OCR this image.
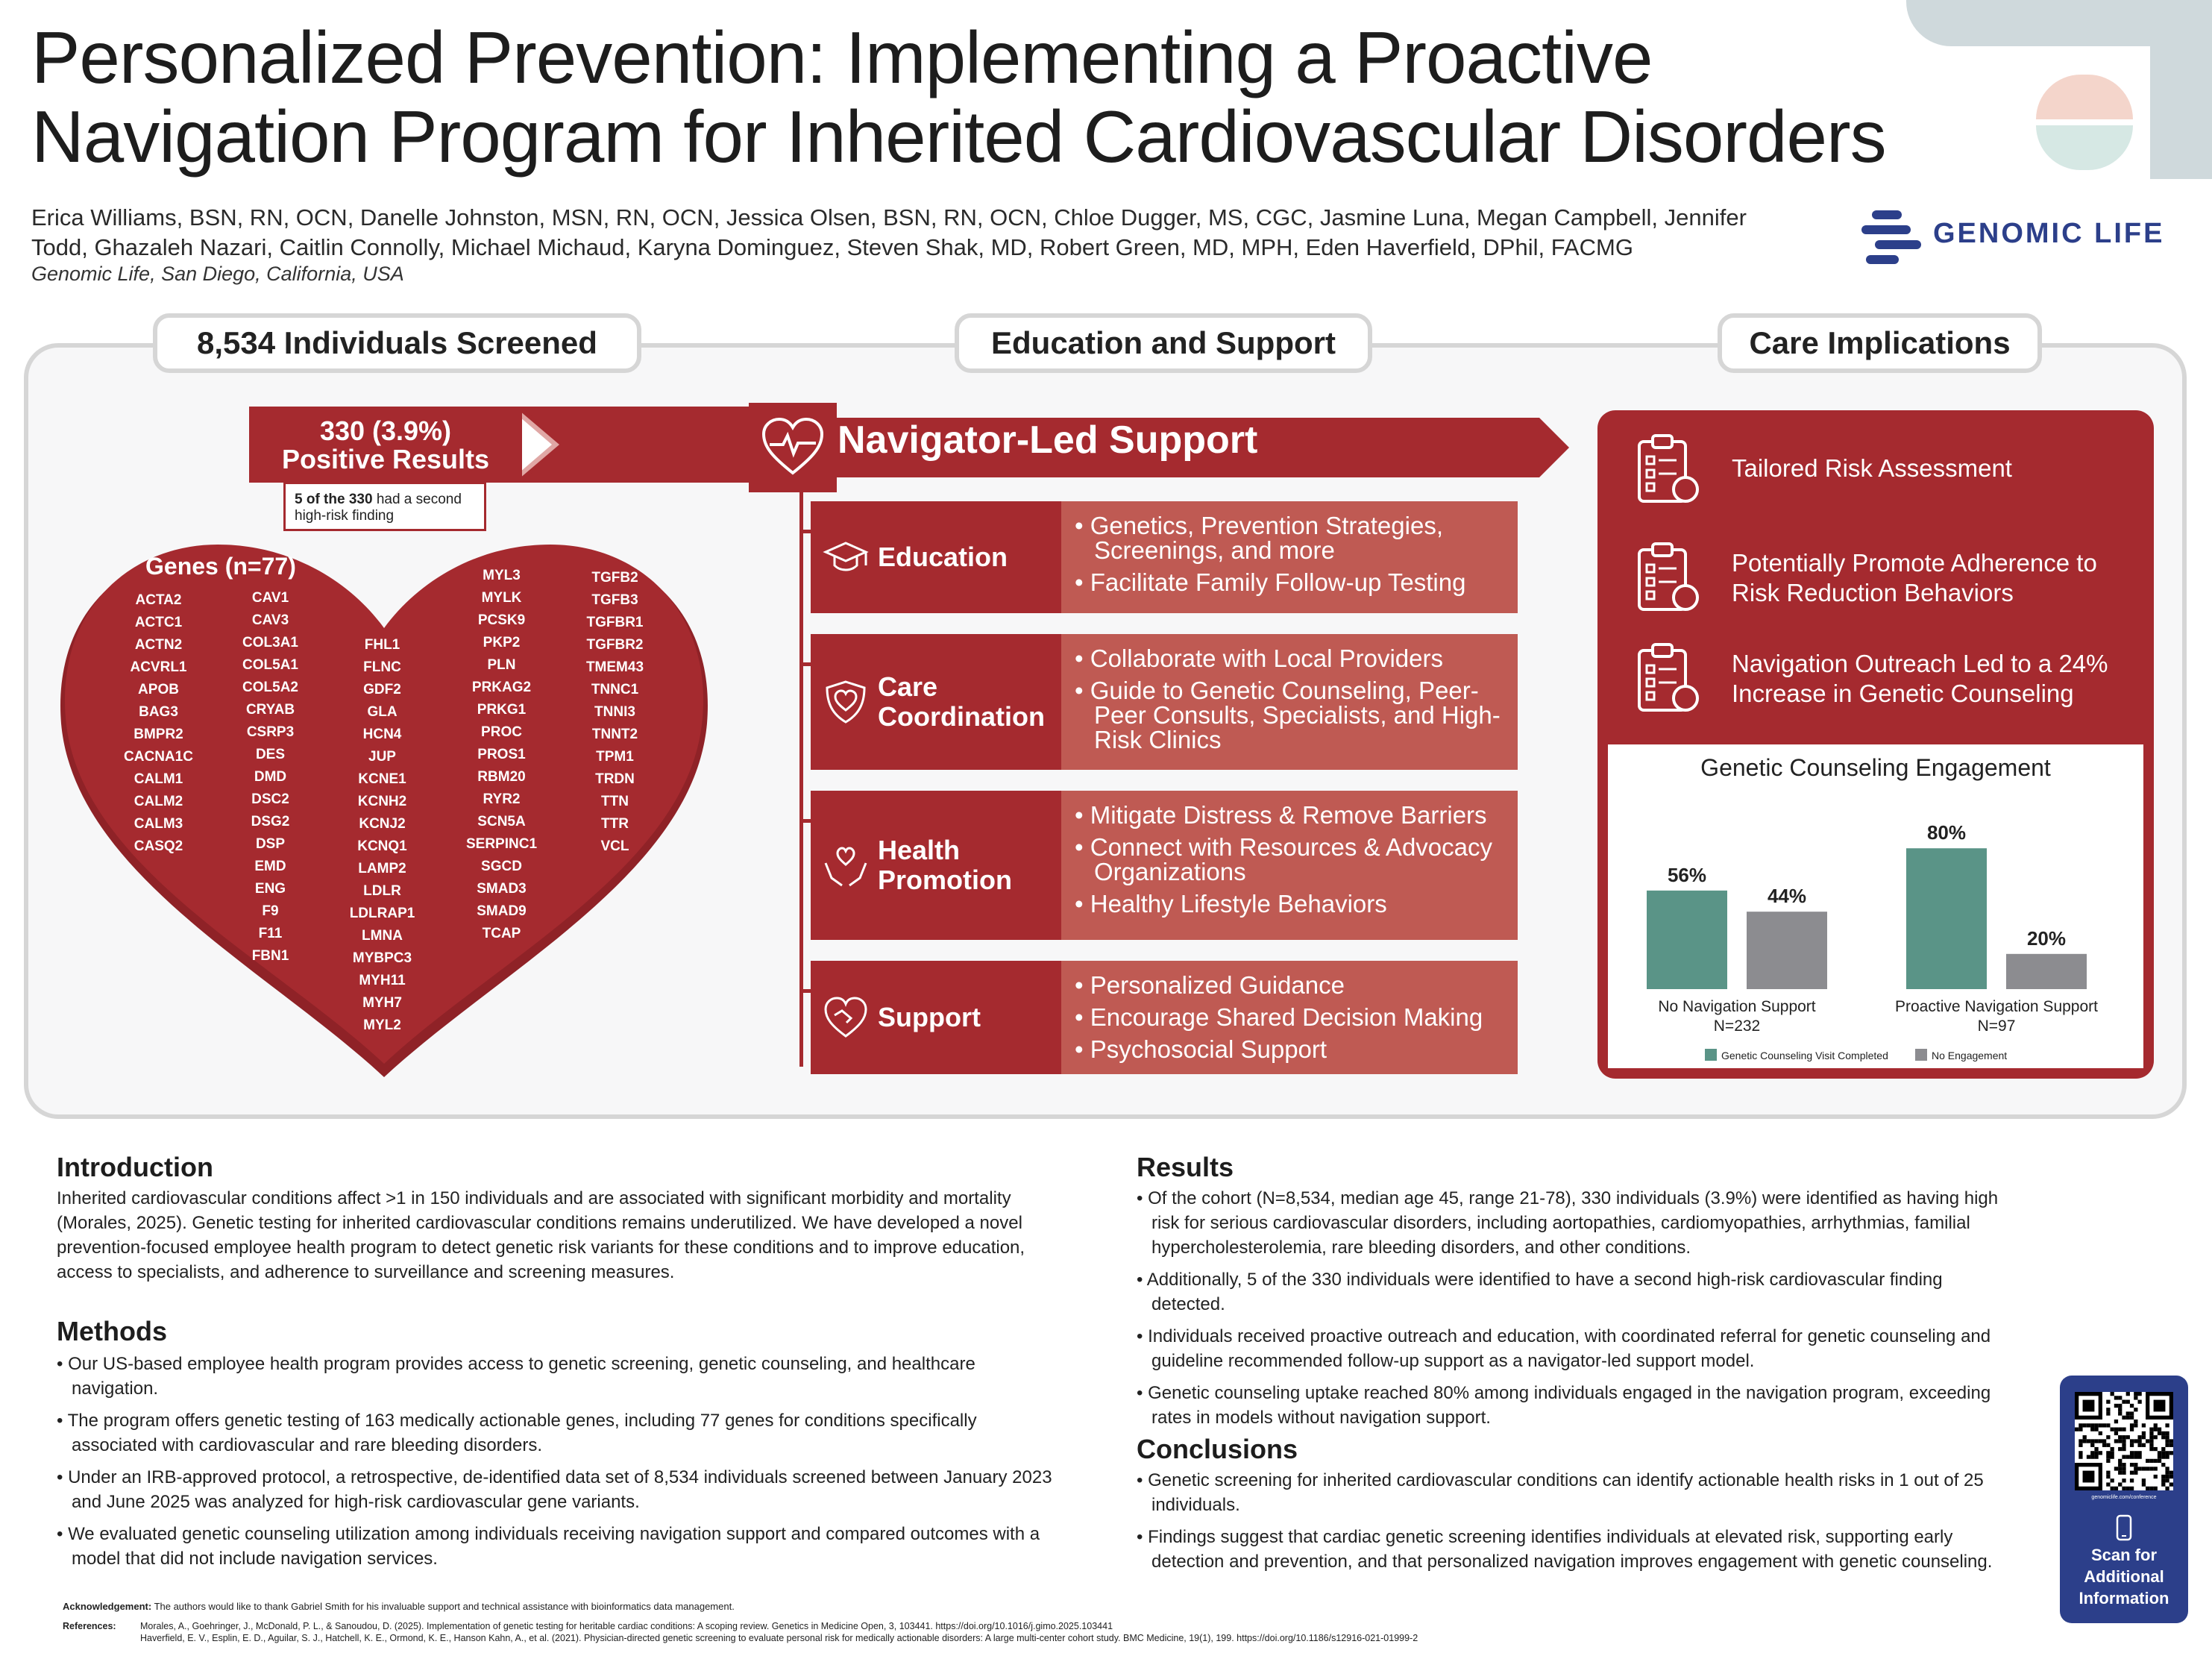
Personalized Prevention: Implementing a Proactive
Navigation Program for Inherited Cardiovascular Disorders
Erica Williams, BSN, RN, OCN, Danelle Johnston, MSN, RN, OCN, Jessica Olsen, BSN, RN, OCN, Chloe Dugger, MS, CGC, Jasmine Luna, Megan Campbell, Jennifer
Todd, Ghazaleh Nazari, Caitlin Connolly, Michael Michaud, Karyna Dominguez, Steven Shak, MD, Robert Green, MD, MPH, Eden Haverfield, DPhil, FACMG
Genomic Life, San Diego, California, USA
GENOMIC LIFE
8,534 Individuals Screened	Education and Support	Care Implications
330 (3.9%)
Positive Results
5 of the 330 had a second high-risk finding
Genes (n=77)
ACTA2
ACTC1
ACTN2
ACVRL1
APOB
BAG3
BMPR2
CACNA1C
CALM1
CALM2
CALM3
CASQ2
CAV1
CAV3
COL3A1
COL5A1
COL5A2
CRYAB
CSRP3
DES
DMD
DSC2
DSG2
DSP
EMD
ENG
F9
F11
FBN1
FHL1
FLNC
GDF2
GLA
HCN4
JUP
KCNE1
KCNH2
KCNJ2
KCNQ1
LAMP2
LDLR
LDLRAP1
LMNA
MYBPC3
MYH11
MYH7
MYL2
MYL3
MYLK
PCSK9
PKP2
PLN
PRKAG2
PRKG1
PROC
PROS1
RBM20
RYR2
SCN5A
SERPINC1
SGCD
SMAD3
SMAD9
TCAP
TGFB2
TGFB3
TGFBR1
TGFBR2
TMEM43
TNNC1
TNNI3
TNNT2
TPM1
TRDN
TTN
TTR
VCL
Navigator-Led Support
Education
• Genetics, Prevention Strategies, Screenings, and more
• Facilitate Family Follow-up Testing
Care Coordination
• Collaborate with Local Providers
• Guide to Genetic Counseling, Peer-Peer Consults, Specialists, and High-Risk Clinics
Health Promotion
• Mitigate Distress & Remove Barriers
• Connect with Resources & Advocacy Organizations
• Healthy Lifestyle Behaviors
Support
• Personalized Guidance
• Encourage Shared Decision Making
• Psychosocial Support
Tailored Risk Assessment
Potentially Promote Adherence to Risk Reduction Behaviors
Navigation Outreach Led to a 24% Increase in Genetic Counseling
Genetic Counseling Engagement
56%
44%
No Navigation Support
N=232
80%
20%
Proactive Navigation Support
N=97
Genetic Counseling Visit Completed	No Engagement
Introduction
Inherited cardiovascular conditions affect >1 in 150 individuals and are associated with significant morbidity and mortality (Morales, 2025). Genetic testing for inherited cardiovascular conditions remains underutilized. We have developed a novel prevention-focused employee health program to detect genetic risk variants for these conditions and to improve education, access to specialists, and adherence to surveillance and screening measures.
Methods
• Our US-based employee health program provides access to genetic screening, genetic counseling, and healthcare navigation.
• The program offers genetic testing of 163 medically actionable genes, including 77 genes for conditions specifically associated with cardiovascular and rare bleeding disorders.
• Under an IRB-approved protocol, a retrospective, de-identified data set of 8,534 individuals screened between January 2023 and June 2025 was analyzed for high-risk cardiovascular gene variants.
• We evaluated genetic counseling utilization among individuals receiving navigation support and compared outcomes with a model that did not include navigation services.
Results
• Of the cohort (N=8,534, median age 45, range 21-78), 330 individuals (3.9%) were identified as having high risk for serious cardiovascular disorders, including aortopathies, cardiomyopathies, arrhythmias, familial hypercholesterolemia, rare bleeding disorders, and other conditions.
• Additionally, 5 of the 330 individuals were identified to have a second high-risk cardiovascular finding detected.
• Individuals received proactive outreach and education, with coordinated referral for genetic counseling and guideline recommended follow-up support as a navigator-led support model.
• Genetic counseling uptake reached 80% among individuals engaged in the navigation program, exceeding rates in models without navigation support.
Conclusions
• Genetic screening for inherited cardiovascular conditions can identify actionable health risks in 1 out of 25 individuals.
• Findings suggest that cardiac genetic screening identifies individuals at elevated risk, supporting early detection and prevention, and that personalized navigation improves engagement with genetic counseling.
Acknowledgement: The authors would like to thank Gabriel Smith for his invaluable support and technical assistance with bioinformatics data management.
References:	Morales, A., Goehringer, J., McDonald, P. L., & Sanoudou, D. (2025). Implementation of genetic testing for heritable cardiac conditions: A scoping review. Genetics in Medicine Open, 3, 103441. https://doi.org/10.1016/j.gimo.2025.103441
Haverfield, E. V., Esplin, E. D., Aguilar, S. J., Hatchell, K. E., Ormond, K. E., Hanson Kahn, A., et al. (2021). Physician-directed genetic screening to evaluate personal risk for medically actionable disorders: A large multi-center cohort study. BMC Medicine, 19(1), 199. https://doi.org/10.1186/s12916-021-01999-2
genomiclife.com/conference
Scan for Additional Information
